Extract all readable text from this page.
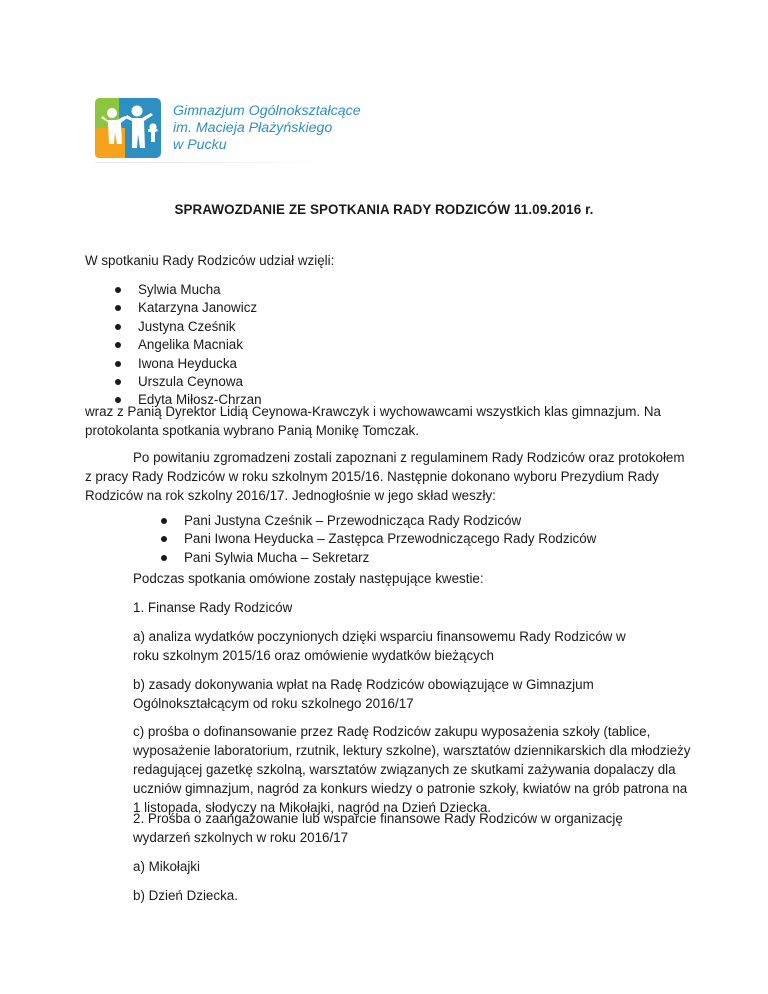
Gimnazjum Ogólnokształcące
im. Macieja Płażyńskiego
w Pucku
SPRAWOZDANIE ZE SPOTKANIA RADY RODZICÓW 11.09.2016 r.

W spotkaniu Rady Rodziców udział wzięli:

Sylwia Mucha
Katarzyna Janowicz
Justyna Cześnik
Angelika Macniak
Iwona Heyducka
Urszula Ceynowa
Edyta Miłosz-Chrzan

wraz z Panią Dyrektor Lidią Ceynowa-Krawczyk i wychowawcami wszystkich klas gimnazjum. Na protokolanta spotkania wybrano Panią Monikę Tomczak.

Po powitaniu zgromadzeni zostali zapoznani z regulaminem Rady Rodziców oraz protokołem z pracy Rady Rodziców w roku szkolnym 2015/16. Następnie dokonano wyboru Prezydium Rady Rodziców na rok szkolny 2016/17. Jednogłośnie w jego skład weszły:

Pani Justyna Cześnik – Przewodnicząca Rady Rodziców
Pani Iwona Heyducka – Zastępca Przewodniczącego Rady Rodziców
Pani Sylwia Mucha – Sekretarz

Podczas spotkania omówione zostały następujące kwestie:

1. Finanse Rady Rodziców

a) analiza wydatków poczynionych dzięki wsparciu finansowemu Rady Rodziców w roku szkolnym 2015/16 oraz omówienie wydatków bieżących

b) zasady dokonywania wpłat na Radę Rodziców obowiązujące w Gimnazjum Ogólnokształcącym od roku szkolnego 2016/17

c) prośba o dofinansowanie przez Radę Rodziców zakupu wyposażenia szkoły (tablice, wyposażenie laboratorium, rzutnik, lektury szkolne), warsztatów dziennikarskich dla młodzieży redagującej gazetkę szkolną, warsztatów związanych ze skutkami zażywania dopalaczy dla uczniów gimnazjum, nagród za konkurs wiedzy o patronie szkoły, kwiatów na grób patrona na 1 listopada, słodyczy na Mikołajki, nagród na Dzień Dziecka.

2. Prośba o zaangażowanie lub wsparcie finansowe Rady Rodziców w organizację wydarzeń szkolnych w roku 2016/17

a) Mikołajki

b) Dzień Dziecka.
